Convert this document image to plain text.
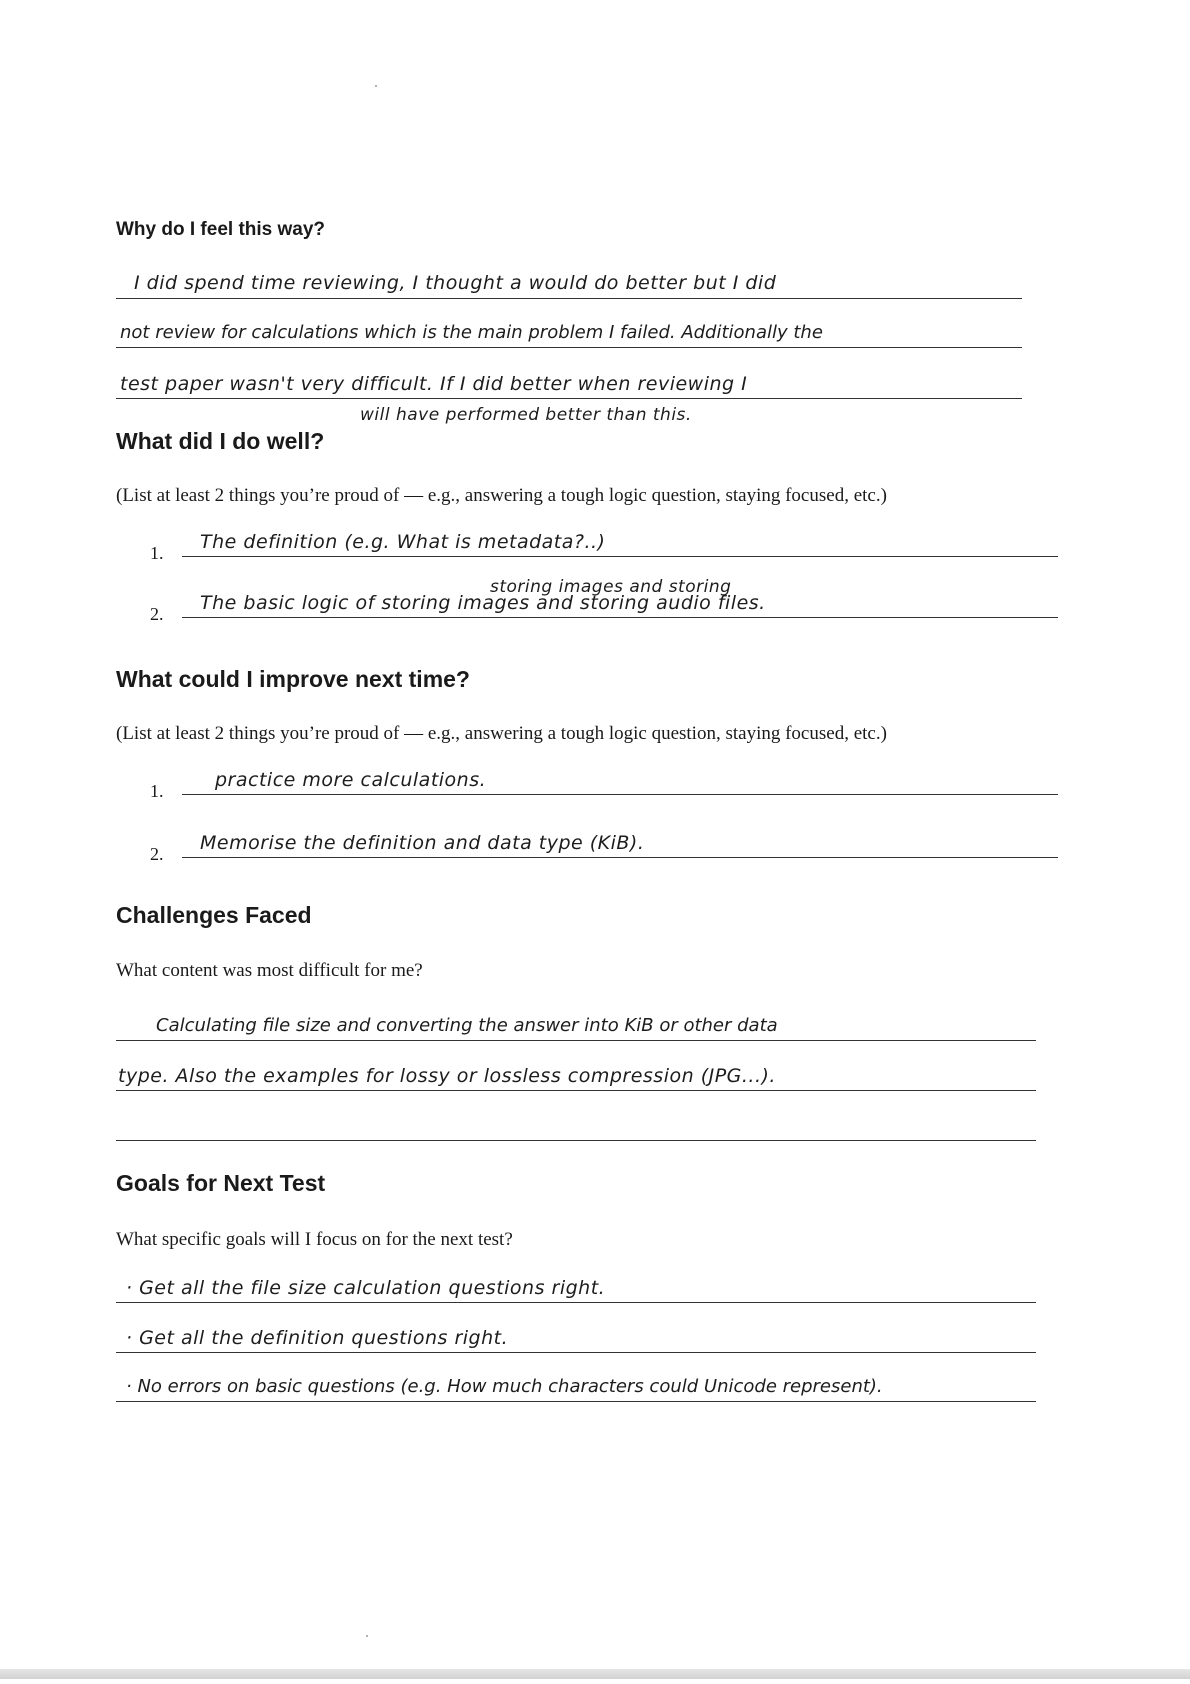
Why do I feel this way?
I did spend time reviewing, I thought a would do better but I did
not review for calculations which is the main problem I failed. Additionally the
test paper wasn't very difficult. If I did better when reviewing I
will have performed better than this.
What did I do well?

(List at least 2 things you’re proud of — e.g., answering a tough logic question, staying focused, etc.)

1. The definition (e.g. What is metadata?..)
storing images and storing
2. The basic logic of storing images and storing audio files.
What could I improve next time?

(List at least 2 things you’re proud of — e.g., answering a tough logic question, staying focused, etc.)

1.	practice more calculations.
2. Memorise the definition and data type (KiB).
Challenges Faced

What content was most difficult for me?

Calculating file size and converting the answer into KiB or other data
type. Also the examples for lossy or lossless compression (JPG...).
Goals for Next Test

What specific goals will I focus on for the next test?

· Get all the file size calculation questions right.
· Get all the definition questions right.
· No errors on basic questions (e.g. How much characters could Unicode represent).
